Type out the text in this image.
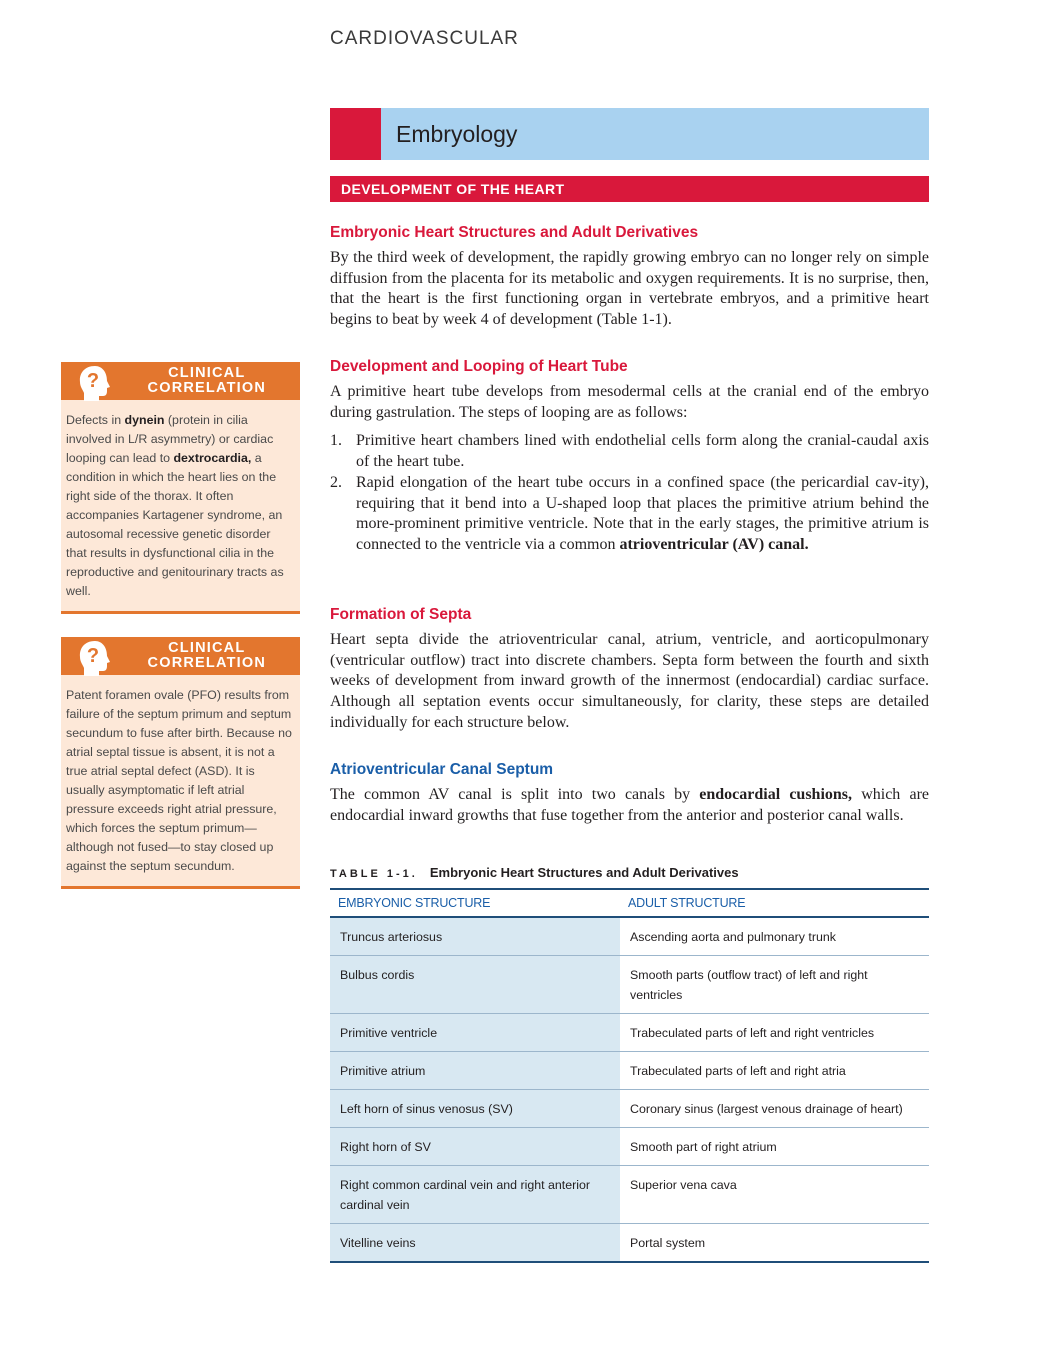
CARDIOVASCULAR
Embryology
DEVELOPMENT OF THE HEART
Embryonic Heart Structures and Adult Derivatives

By the third week of development, the rapidly growing embryo can no longer rely on simple diffusion from the placenta for its metabolic and oxygen requirements. It is no surprise, then, that the heart is the first functioning organ in vertebrate embryos, and a primitive heart begins to beat by week 4 of development (Table 1-1).

Development and Looping of Heart Tube

A primitive heart tube develops from mesodermal cells at the cranial end of the embryo during gastrulation. The steps of looping are as follows:

1. Primitive heart chambers lined with endothelial cells form along the cranial-caudal axis of the heart tube.
2. Rapid elongation of the heart tube occurs in a confined space (the pericardial cav-ity), requiring that it bend into a U-shaped loop that places the primitive atrium behind the more-prominent primitive ventricle. Note that in the early stages, the primitive atrium is connected to the ventricle via a common atrioventricular (AV) canal.
Formation of Septa

Heart septa divide the atrioventricular canal, atrium, ventricle, and aorticopulmonary (ventricular outflow) tract into discrete chambers. Septa form between the fourth and sixth weeks of development from inward growth of the innermost (endocardial) cardiac surface. Although all septation events occur simultaneously, for clarity, these steps are detailed individually for each structure below.

Atrioventricular Canal Septum

The common AV canal is split into two canals by endocardial cushions, which are endocardial inward growths that fuse together from the anterior and posterior canal walls.

?	CLINICAL
CORRELATION
Defects in dynein (protein in cilia involved in L/R asymmetry) or cardiac looping can lead to dextrocardia, a condition in which the heart lies on the right side of the thorax. It often accompanies Kartagener syndrome, an autosomal recessive genetic disorder that results in dysfunctional cilia in the reproductive and genitourinary tracts as well.
?	CLINICAL
CORRELATION
Patent foramen ovale (PFO) results from failure of the septum primum and septum secundum to fuse after birth. Because no atrial septal tissue is absent, it is not a true atrial septal defect (ASD). It is usually asymptomatic if left atrial pressure exceeds right atrial pressure, which forces the septum primum—although not fused—to stay closed up against the septum secundum.
TABLE 1-1. Embryonic Heart Structures and Adult Derivatives
EMBRYONIC STRUCTURE	ADULT STRUCTURE
Truncus arteriosus	Ascending aorta and pulmonary trunk
Bulbus cordis	Smooth parts (outflow tract) of left and right ventricles
Primitive ventricle	Trabeculated parts of left and right ventricles
Primitive atrium	Trabeculated parts of left and right atria
Left horn of sinus venosus (SV)	Coronary sinus (largest venous drainage of heart)
Right horn of SV	Smooth part of right atrium
Right common cardinal vein and right anterior cardinal vein	Superior vena cava
Vitelline veins	Portal system
